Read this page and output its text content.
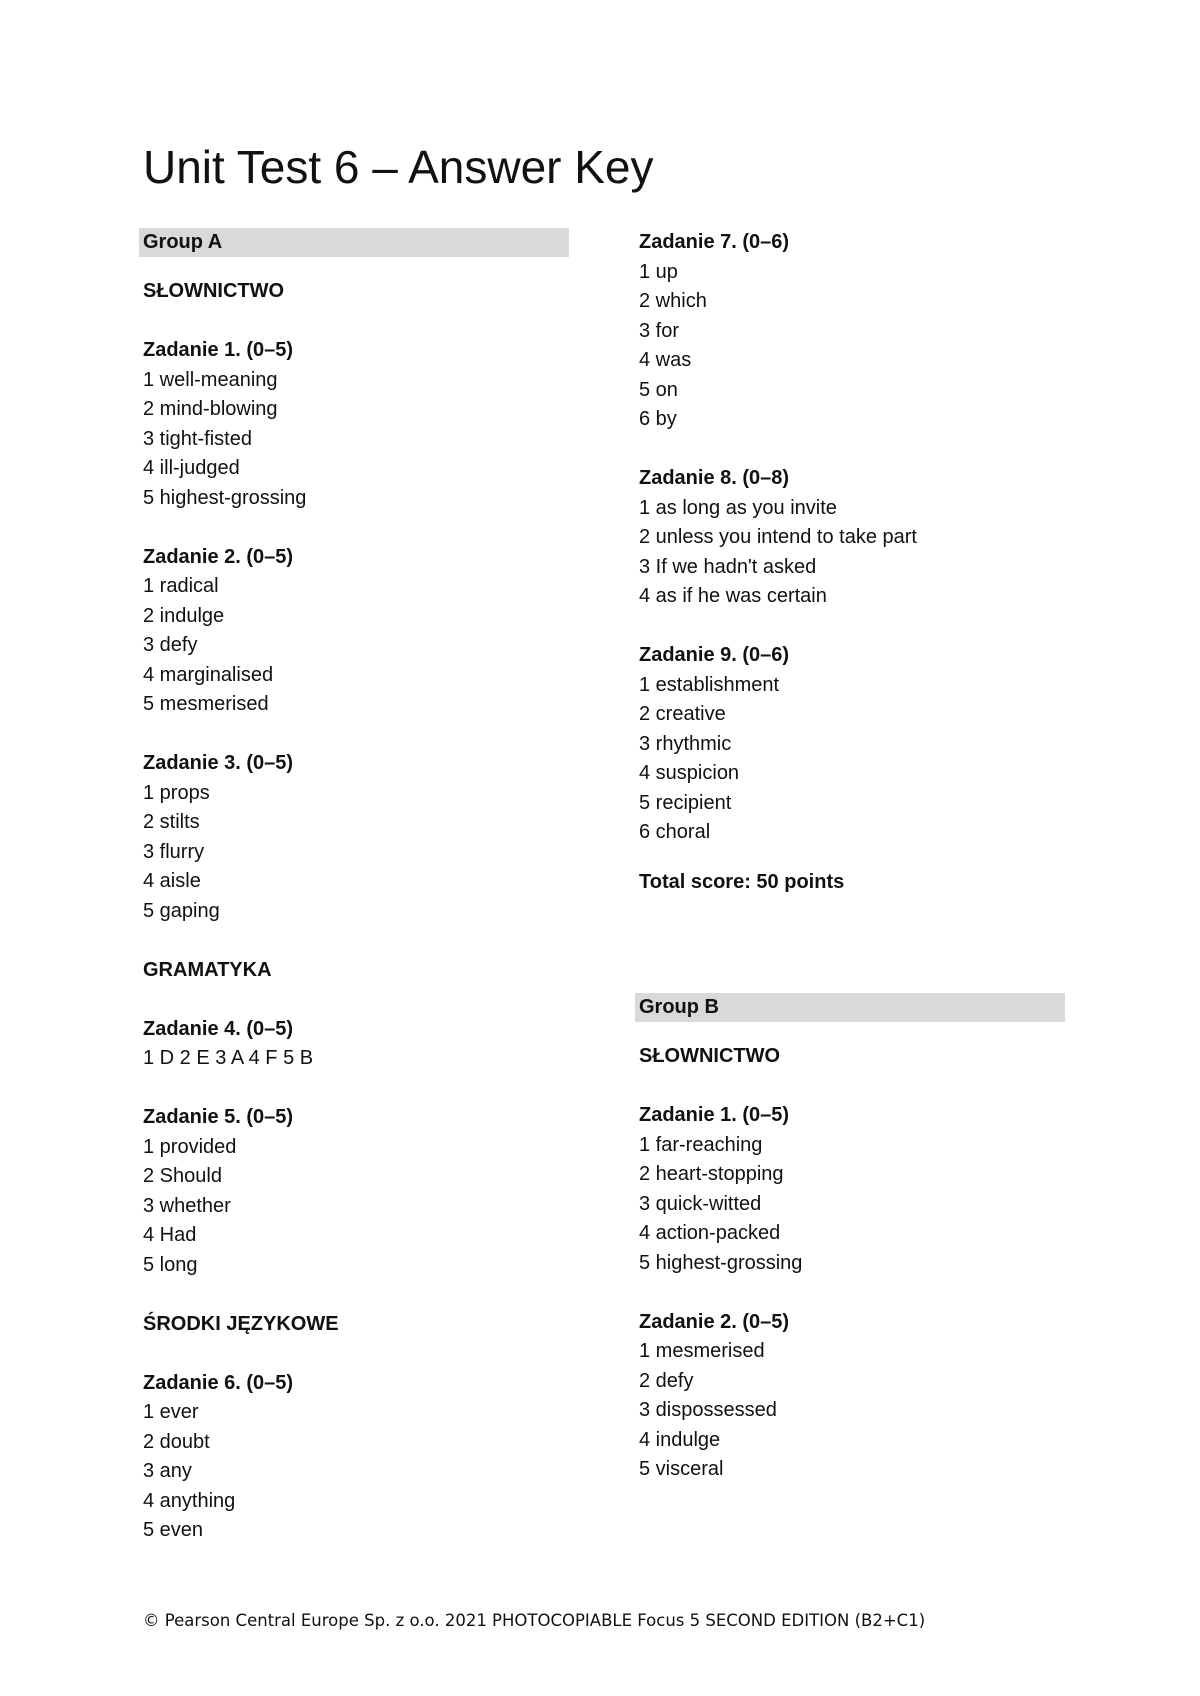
Unit Test 6 – Answer Key
Group A
SŁOWNICTWO
Zadanie 1. (0–5)
1 well-meaning
2 mind-blowing
3 tight-fisted
4 ill-judged
5 highest-grossing
Zadanie 2. (0–5)
1 radical
2 indulge
3 defy
4 marginalised
5 mesmerised
Zadanie 3. (0–5)
1 props
2 stilts
3 flurry
4 aisle
5 gaping
GRAMATYKA
Zadanie 4. (0–5)
1 D 2 E 3 A 4 F 5 B
Zadanie 5. (0–5)
1 provided
2 Should
3 whether
4 Had
5 long
ŚRODKI JĘZYKOWE
Zadanie 6. (0–5)
1 ever
2 doubt
3 any
4 anything
5 even
Zadanie 7. (0–6)
1 up
2 which
3 for
4 was
5 on
6 by
Zadanie 8. (0–8)
1 as long as you invite
2 unless you intend to take part
3 If we hadn't asked
4 as if he was certain
Zadanie 9. (0–6)
1 establishment
2 creative
3 rhythmic
4 suspicion
5 recipient
6 choral
Total score: 50 points
Group B
SŁOWNICTWO
Zadanie 1. (0–5)
1 far-reaching
2 heart-stopping
3 quick-witted
4 action-packed
5 highest-grossing
Zadanie 2. (0–5)
1 mesmerised
2 defy
3 dispossessed
4 indulge
5 visceral
© Pearson Central Europe Sp. z o.o. 2021 PHOTOCOPIABLE Focus 5 SECOND EDITION (B2+C1)
